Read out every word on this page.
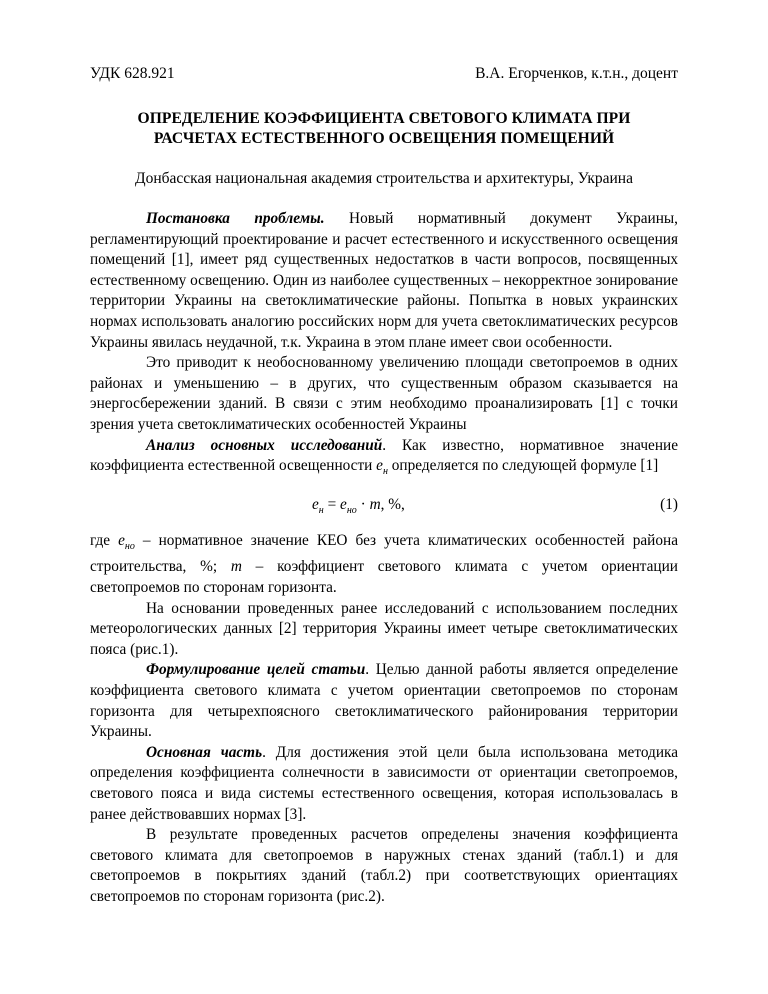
УДК 628.921	В.А. Егорченков, к.т.н., доцент
ОПРЕДЕЛЕНИЕ КОЭФФИЦИЕНТА СВЕТОВОГО КЛИМАТА ПРИ
РАСЧЕТАХ ЕСТЕСТВЕННОГО ОСВЕЩЕНИЯ ПОМЕЩЕНИЙ
Донбасская национальная академия строительства и архитектуры, Украина

Постановка проблемы. Новый нормативный документ Украины, регламентирующий проектирование и расчет естественного и искусственного освещения помещений [1], имеет ряд существенных недостатков в части вопросов, посвященных естественному освещению. Один из наиболее существенных – некорректное зонирование территории Украины на светоклиматические районы. Попытка в новых украинских нормах использовать аналогию российских норм для учета светоклиматических ресурсов Украины явилась неудачной, т.к. Украина в этом плане имеет свои особенности.

Это приводит к необоснованному увеличению площади светопроемов в одних районах и уменьшению – в других, что существенным образом сказывается на энергосбережении зданий. В связи с этим необходимо проанализировать [1] с точки зрения учета светоклиматических особенностей Украины

Анализ основных исследований. Как известно, нормативное значение коэффициента естественной освещенности $е_н$ определяется по следующей формуле [1]

$е_н = е_{но} \cdot m$, %,	(1)

где $е_{но}$ – нормативное значение КЕО без учета климатических особенностей района строительства, %; m – коэффициент светового климата с учетом ориентации светопроемов по сторонам горизонта.

На основании проведенных ранее исследований с использованием последних метеорологических данных [2] территория Украины имеет четыре светоклиматических пояса (рис.1).

Формулирование целей статьи. Целью данной работы является определение коэффициента светового климата с учетом ориентации светопроемов по сторонам горизонта для четырехпоясного светоклиматического районирования территории Украины.

Основная часть. Для достижения этой цели была использована методика определения коэффициента солнечности в зависимости от ориентации светопроемов, светового пояса и вида системы естественного освещения, которая использовалась в ранее действовавших нормах [3].

В результате проведенных расчетов определены значения коэффициента светового климата для светопроемов в наружных стенах зданий (табл.1) и для светопроемов в покрытиях зданий (табл.2) при соответствующих ориентациях светопроемов по сторонам горизонта (рис.2).
